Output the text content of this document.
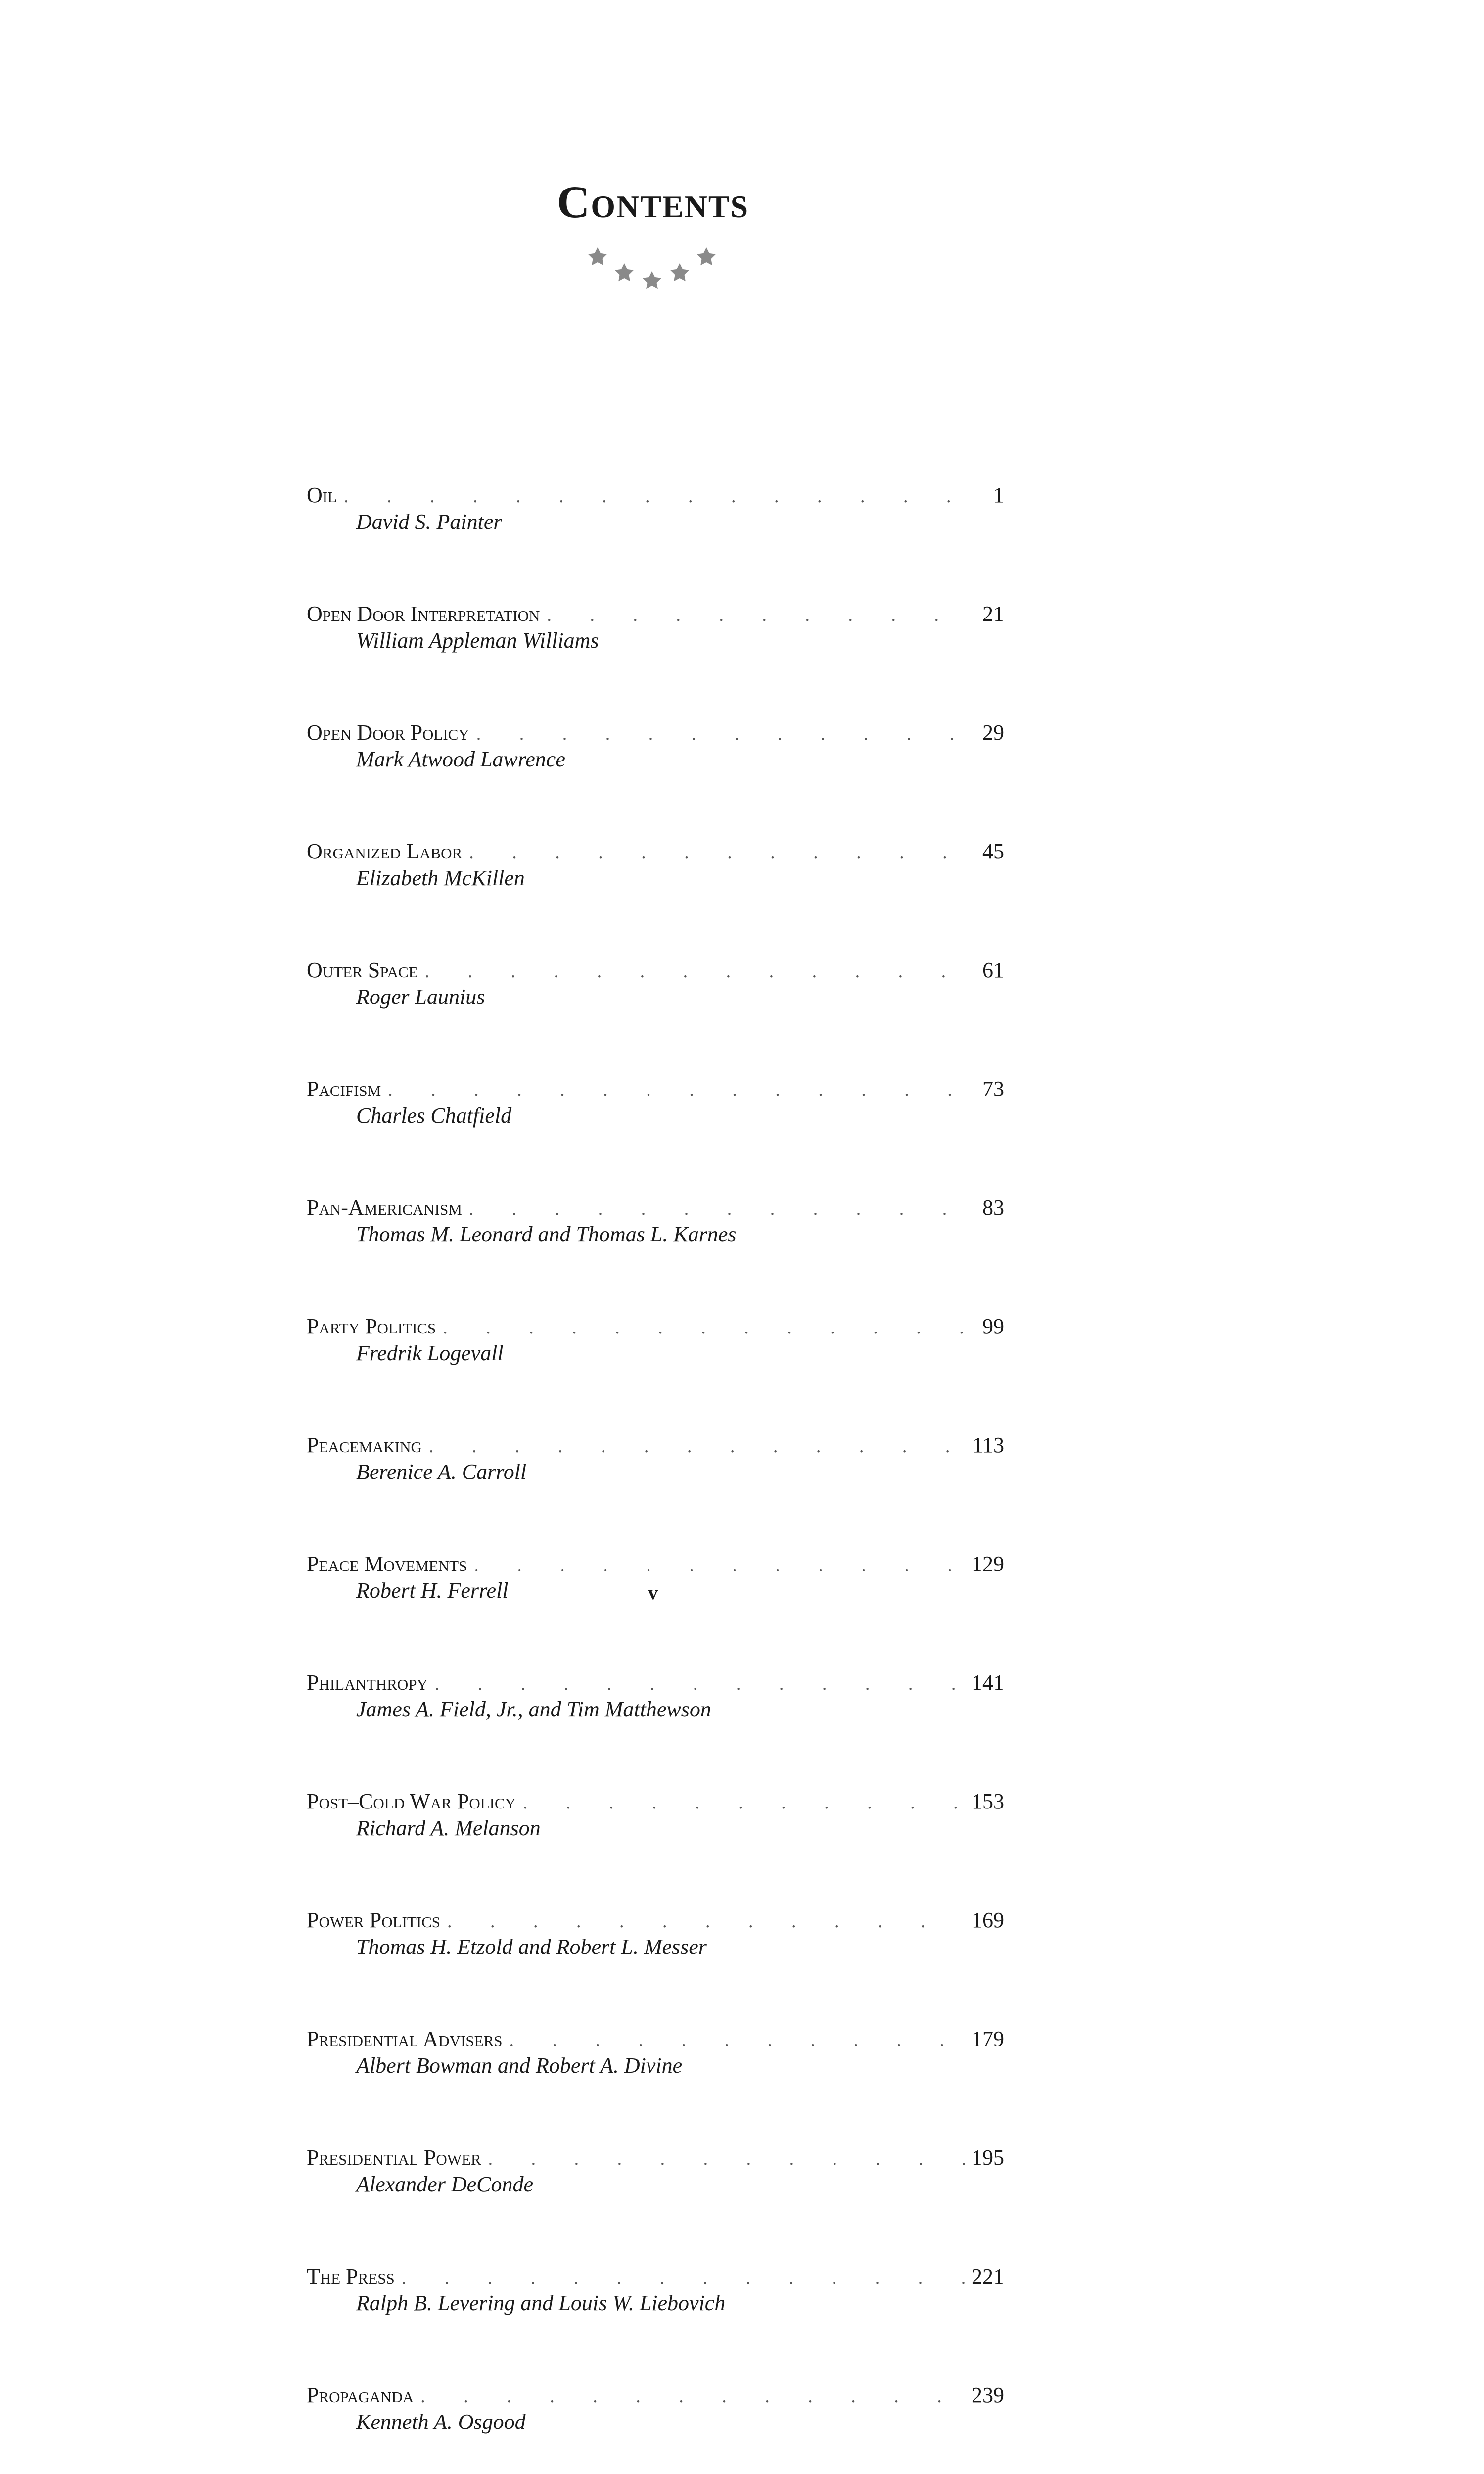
Contents
Oil . . .	1
David S. Painter
Open Door Interpretation . . .	21
William Appleman Williams
Open Door Policy . . .	29
Mark Atwood Lawrence
Organized Labor . . .	45
Elizabeth McKillen
Outer Space . . .	61
Roger Launius
Pacifism . . .	73
Charles Chatfield
Pan-Americanism . . .	83
Thomas M. Leonard and Thomas L. Karnes
Party Politics . . .	99
Fredrik Logevall
Peacemaking . . .	113
Berenice A. Carroll
Peace Movements . . .	129
Robert H. Ferrell
Philanthropy . . .	141
James A. Field, Jr., and Tim Matthewson
Post–Cold War Policy . . .	153
Richard A. Melanson
Power Politics . . .	169
Thomas H. Etzold and Robert L. Messer
Presidential Advisers . . .	179
Albert Bowman and Robert A. Divine
Presidential Power . . .	195
Alexander DeConde
The Press . . .	221
Ralph B. Levering and Louis W. Liebovich
Propaganda . . .	239
Kenneth A. Osgood
v
